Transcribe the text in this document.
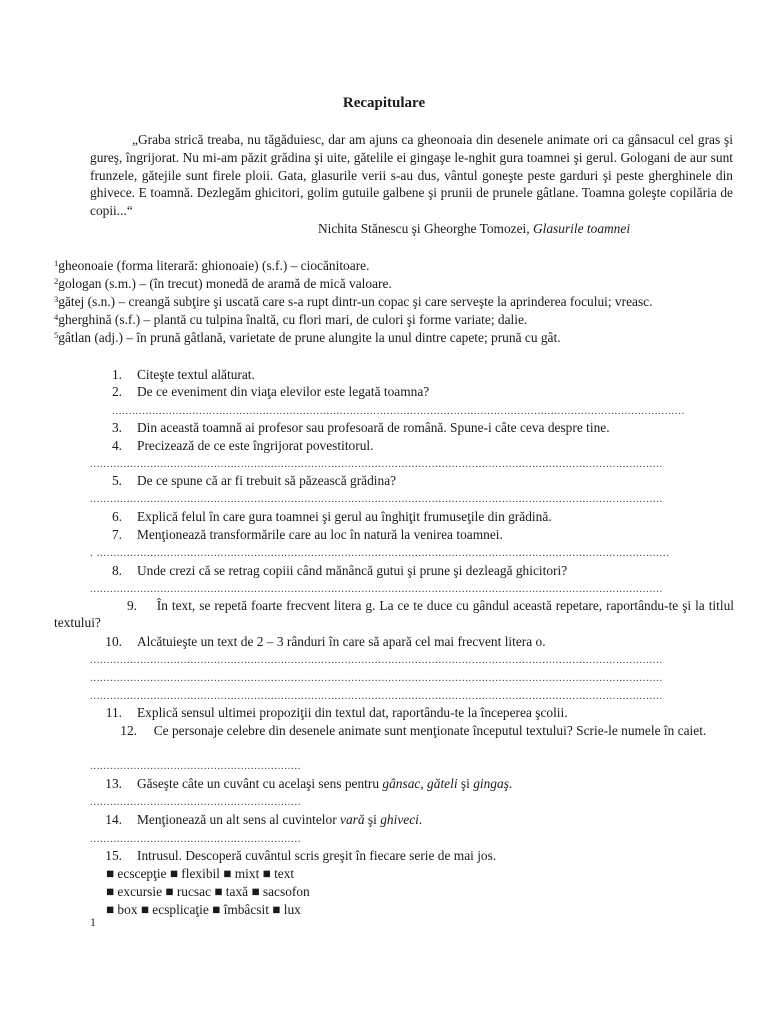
Recapitulare

„Graba strică treaba, nu tăgăduiesc, dar am ajuns ca gheonoaia din desenele animate ori ca gânsacul cel gras şi gureş, îngrijorat. Nu mi-am păzit grădina şi uite, gătelile ei gingaşe le-nghit gura toamnei şi gerul. Gologani de aur sunt frunzele, gătejile sunt firele ploii. Gata, glasurile verii s-au dus, vântul goneşte peste garduri şi peste gherghinele din ghivece. E toamnă. Dezlegăm ghicitori, golim gutuile galbene şi prunii de prunele gâtlane. Toamna goleşte copilăria de copii...“

Nichita Stănescu şi Gheorghe Tomozei, Glasurile toamnei
$^1$gheonoaie (forma literară: ghionoaie) (s.f.) – ciocănitoare.
$^2$gologan (s.m.) – (în trecut) monedă de aramă de mică valoare.
$^3$gătej (s.n.) – creangă subţire şi uscată care s-a rupt dintr-un copac şi care serveşte la aprinderea focului; vreasc.
$^4$gherghină (s.f.) – plantă cu tulpina înaltă, cu flori mari, de culori şi forme variate; dalie.
$^5$gâtlan (adj.) – în prună gâtlană, varietate de prune alungite la unul dintre capete; prună cu gât.
1. Citeşte textul alăturat.
2. De ce eveniment din viaţa elevilor este legată toamna?
...........................................................................................................................................................................
3. Din această toamnă ai profesor sau profesoară de română. Spune-i câte ceva despre tine.
4. Precizează de ce este îngrijorat povestitorul.
...........................................................................................................................................................................
5. De ce spune că ar fi trebuit să păzească grădina?
...........................................................................................................................................................................
6. Explică felul în care gura toamnei şi gerul au înghiţit frumuseţile din grădină.
7. Menţionează transformările care au loc în natură la venirea toamnei.
. ...........................................................................................................................................................................
8. Unde crezi că se retrag copiii când mănâncă gutui şi prune şi dezleagă ghicitori?
...........................................................................................................................................................................
9. În text, se repetă foarte frecvent litera g. La ce te duce cu gândul această repetare, raportându-te şi la titlul textului?
10. Alcătuieşte un text de 2 – 3 rânduri în care să apară cel mai frecvent litera o.
...........................................................................................................................................................................
...........................................................................................................................................................................
...........................................................................................................................................................................
11. Explică sensul ultimei propoziţii din textul dat, raportându-te la începerea şcolii.
12. Ce personaje celebre din desenele animate sunt menţionate începutul textului? Scrie-le numele în caiet.
...............................................................
13. Găseşte câte un cuvânt cu acelaşi sens pentru gânsac, găteli şi gingaş.
...............................................................
14. Menţionează un alt sens al cuvintelor vară şi ghiveci.
...............................................................
15. Intrusul. Descoperă cuvântul scris greşit în fiecare serie de mai jos.
■ ecscepţie ■ flexibil ■ mixt ■ text
■ excursie ■ rucsac ■ taxă ■ sacsofon
■ box ■ ecsplicaţie ■ îmbâcsit ■ lux
1
